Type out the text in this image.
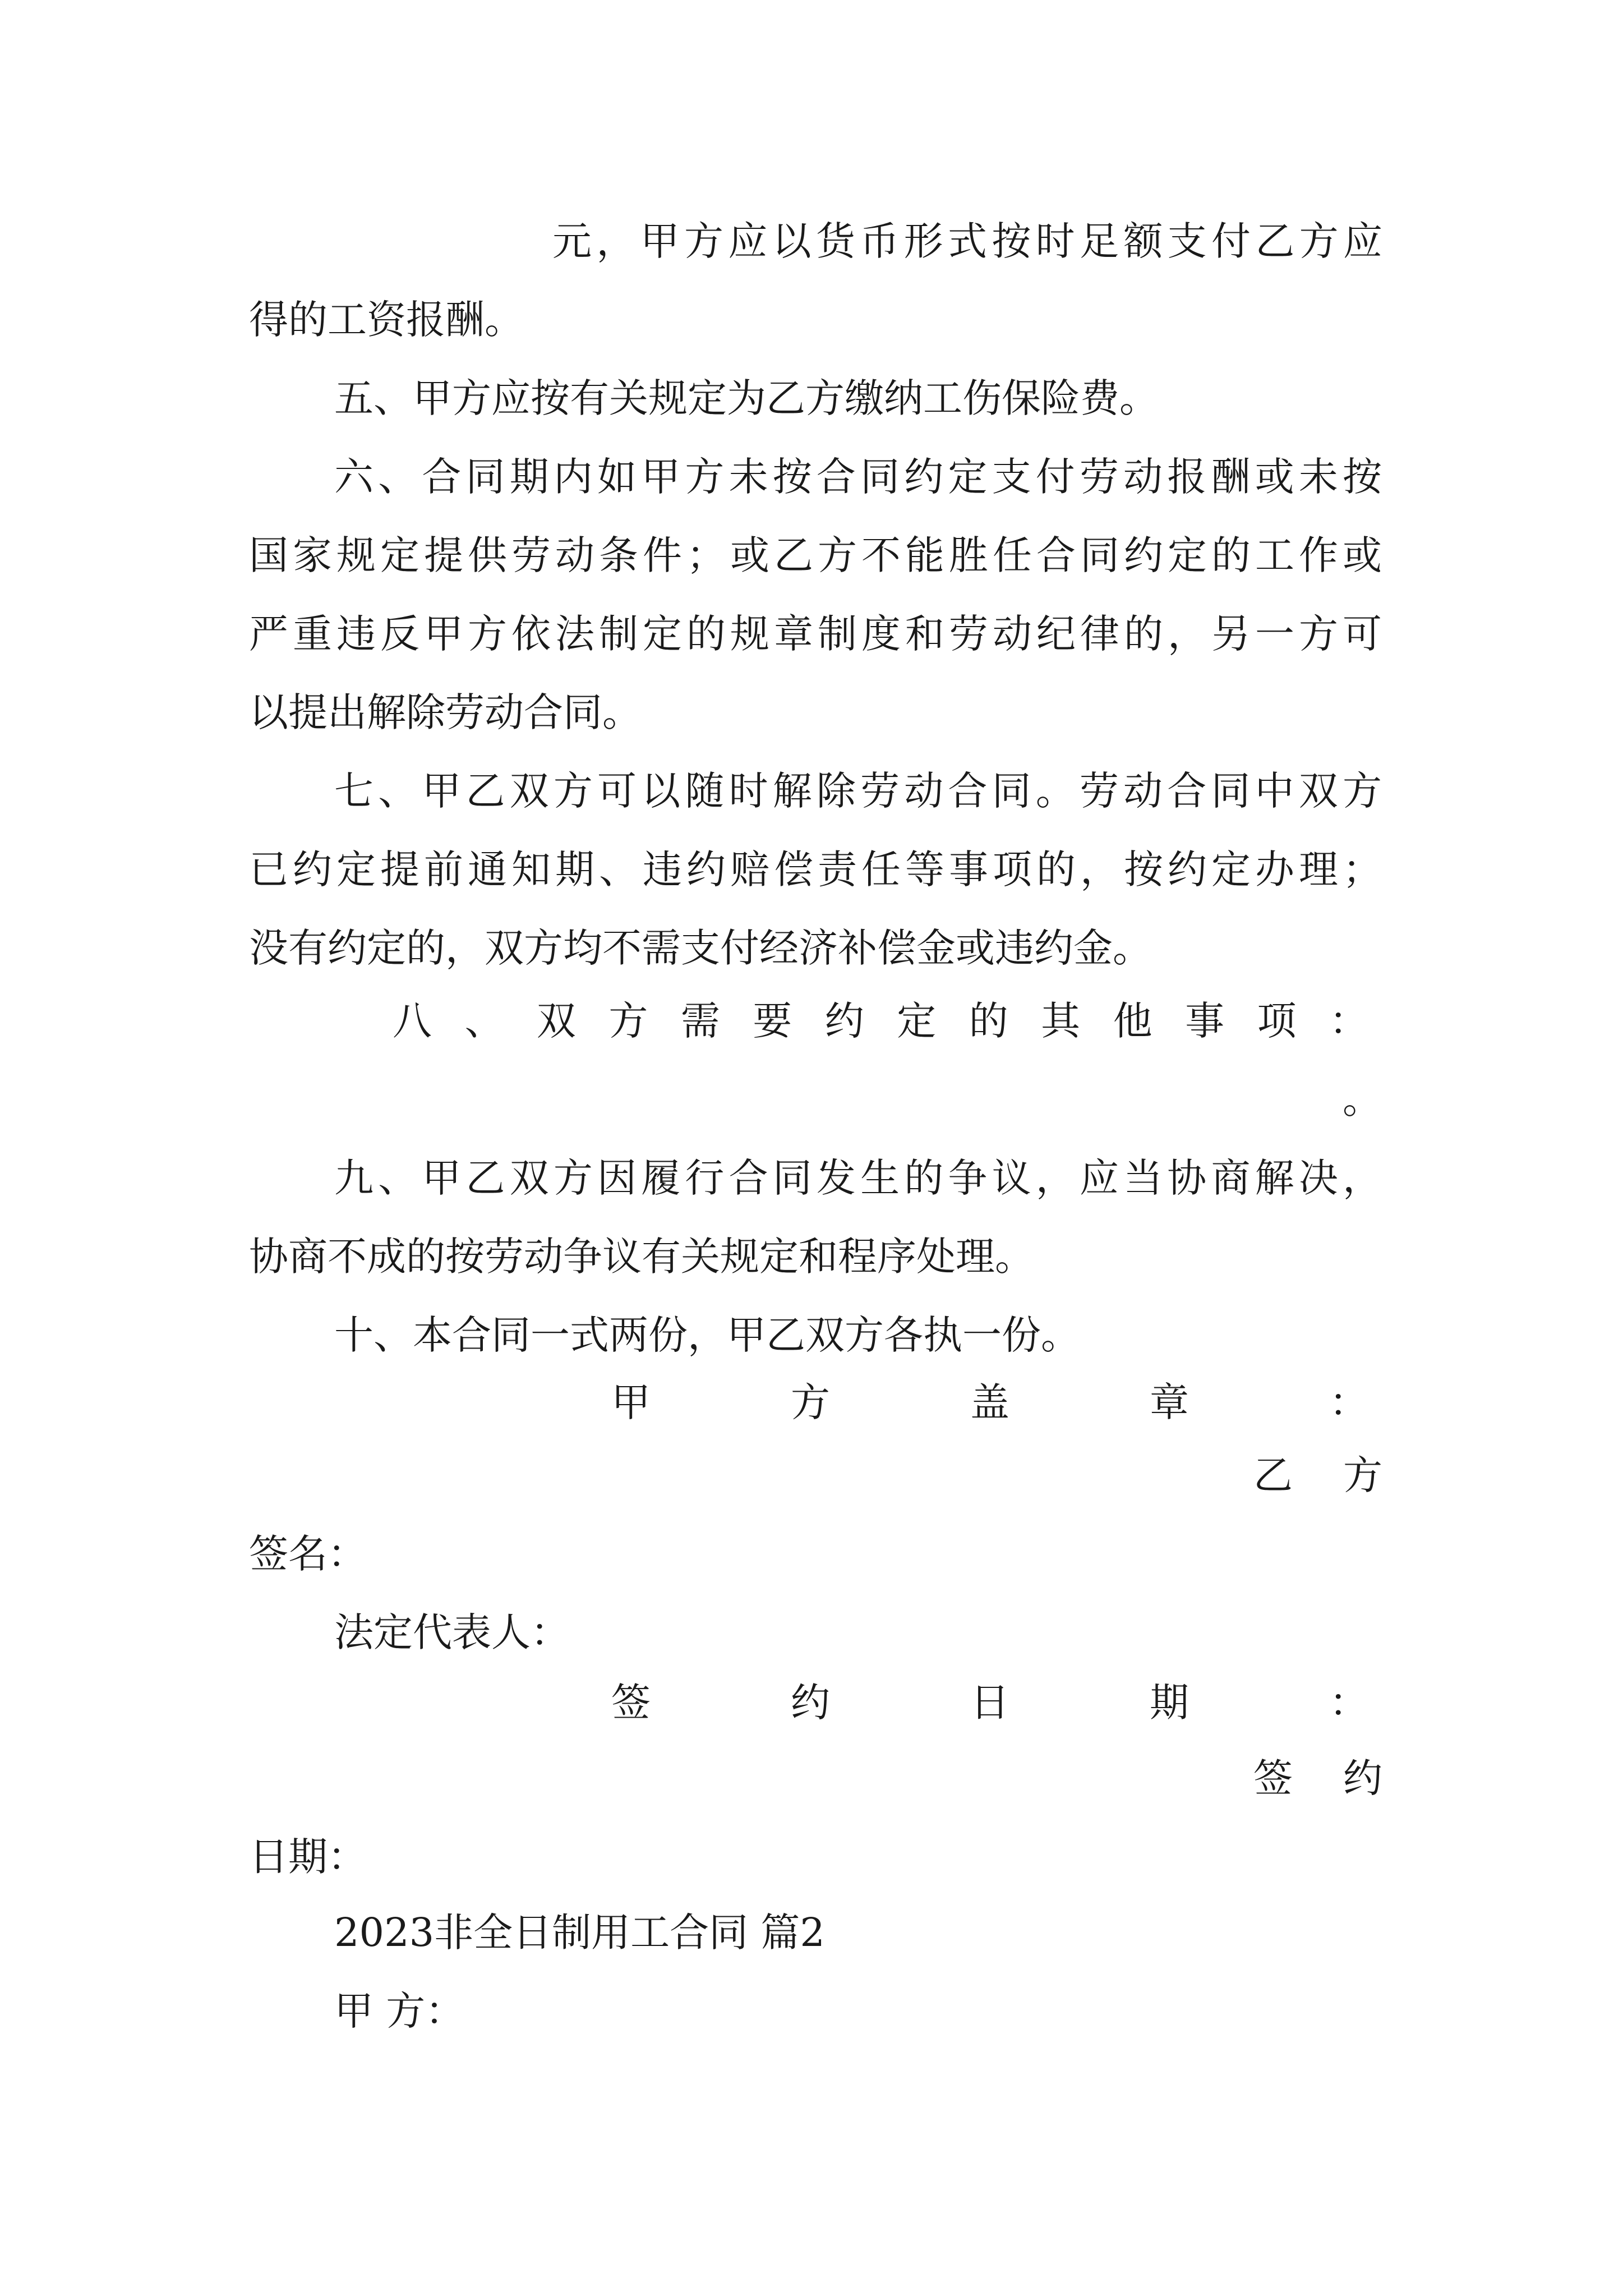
元，甲方应以货币形式按时足额支付乙方应
得的工资报酬。
五、甲方应按有关规定为乙方缴纳工伤保险费。
六、合同期内如甲方未按合同约定支付劳动报酬或未按
国家规定提供劳动条件；或乙方不能胜任合同约定的工作或
严重违反甲方依法制定的规章制度和劳动纪律的，另一方可
以提出解除劳动合同。
七、甲乙双方可以随时解除劳动合同。劳动合同中双方
已约定提前通知期、违约赔偿责任等事项的，按约定办理；
没有约定的，双方均不需支付经济补偿金或违约金。
八、双方需要约定的其他事项：
。
九、甲乙双方因履行合同发生的争议，应当协商解决，
协商不成的按劳动争议有关规定和程序处理。
十、本合同一式两份，甲乙双方各执一份。
甲方盖章：
乙方
签名：
法定代表人：
签约日期：
签约
日期：
2023非全日制用工合同 篇2
甲 方：
